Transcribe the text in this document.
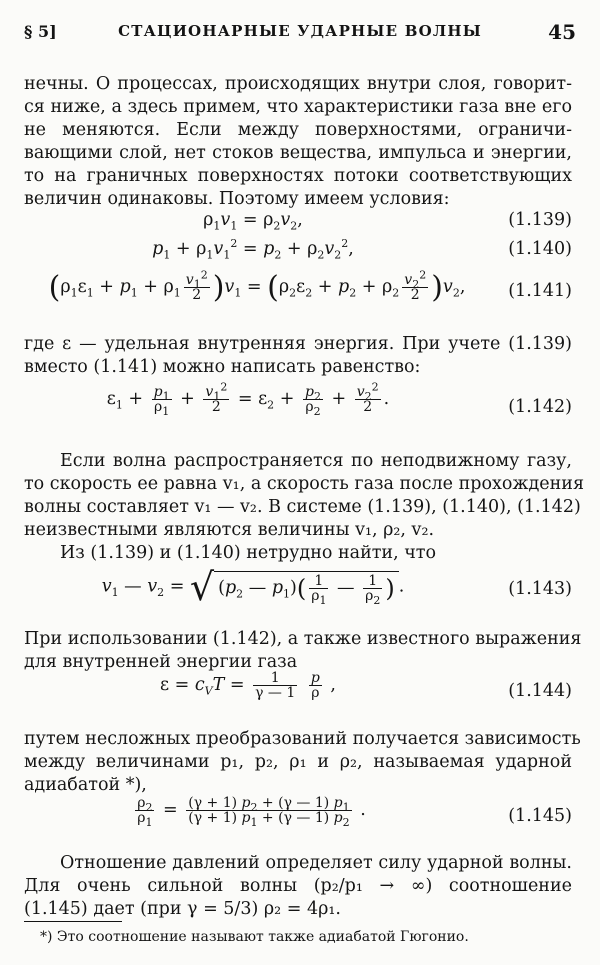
§ 5]	СТАЦИОНАРНЫЕ УДАРНЫЕ ВОЛНЫ	45
нечны. О процессах, происходящих внутри слоя, говорит-
ся ниже, а здесь примем, что характеристики газа вне его
не меняются. Если между поверхностями, ограничи-
вающими слой, нет стоков вещества, импульса и энергии,
то на граничных поверхностях потоки соответствующих
величин одинаковы. Поэтому имеем условия:
$\rho_1v_1 = \rho_2v_2$,	(1.139)
$p_1 + \rho_1v_1^2 = p_2 + \rho_2v_2^2$,	(1.140)
$(\rho_1\varepsilon_1 + p_1 + \rho_1 \frac{v_1^2}{2} )v_1 = (\rho_2\varepsilon_2 + p_2 + \rho_2 \frac{v_2^2}{2} )v_2$,	(1.141)
где ε — удельная внутренняя энергия. При учете (1.139)
вместо (1.141) можно написать равенство:
$\varepsilon_1 + \frac{p_1}{\rho_1} + \frac{v_1^2}{2} = \varepsilon_2 + \frac{p_2}{\rho_2} + \frac{v_2^2}{2}$ .	(1.142)
Если волна распространяется по неподвижному газу,
то скорость ее равна v₁, а скорость газа после прохождения
волны составляет v₁ — v₂. В системе (1.139), (1.140), (1.142)
неизвестными являются величины v₁, ρ₂, v₂.
Из (1.139) и (1.140) нетрудно найти, что
$v_1$ — $v_2$ = √ ($p_2$ — $p_1)( \frac{1}{\rho_1}$ — $\frac{1}{\rho_2}$ ) .	(1.143)
При использовании (1.142), а также известного выражения
для внутренней энергии газа
$\varepsilon = c_VT = \frac{1}{\gamma — 1}$
$\frac{p}{\rho}$ ,	(1.144)
путем несложных преобразований получается зависимость
между величинами p₁, p₂, ρ₁ и ρ₂, называемая ударной
адиабатой *),
$\frac{\rho_2}{\rho_1} = \frac{(\gamma + 1) p_2 + (\gamma — 1) p_1}{(\gamma + 1) p_1 + (\gamma — 1) p_2}$ .	(1.145)
Отношение давлений определяет силу ударной волны.
Для очень сильной волны (p₂/p₁ → ∞) соотношение
(1.145) дает (при γ = 5/3) ρ₂ = 4ρ₁.
*) Это соотношение называют также адиабатой Гюгонио.
